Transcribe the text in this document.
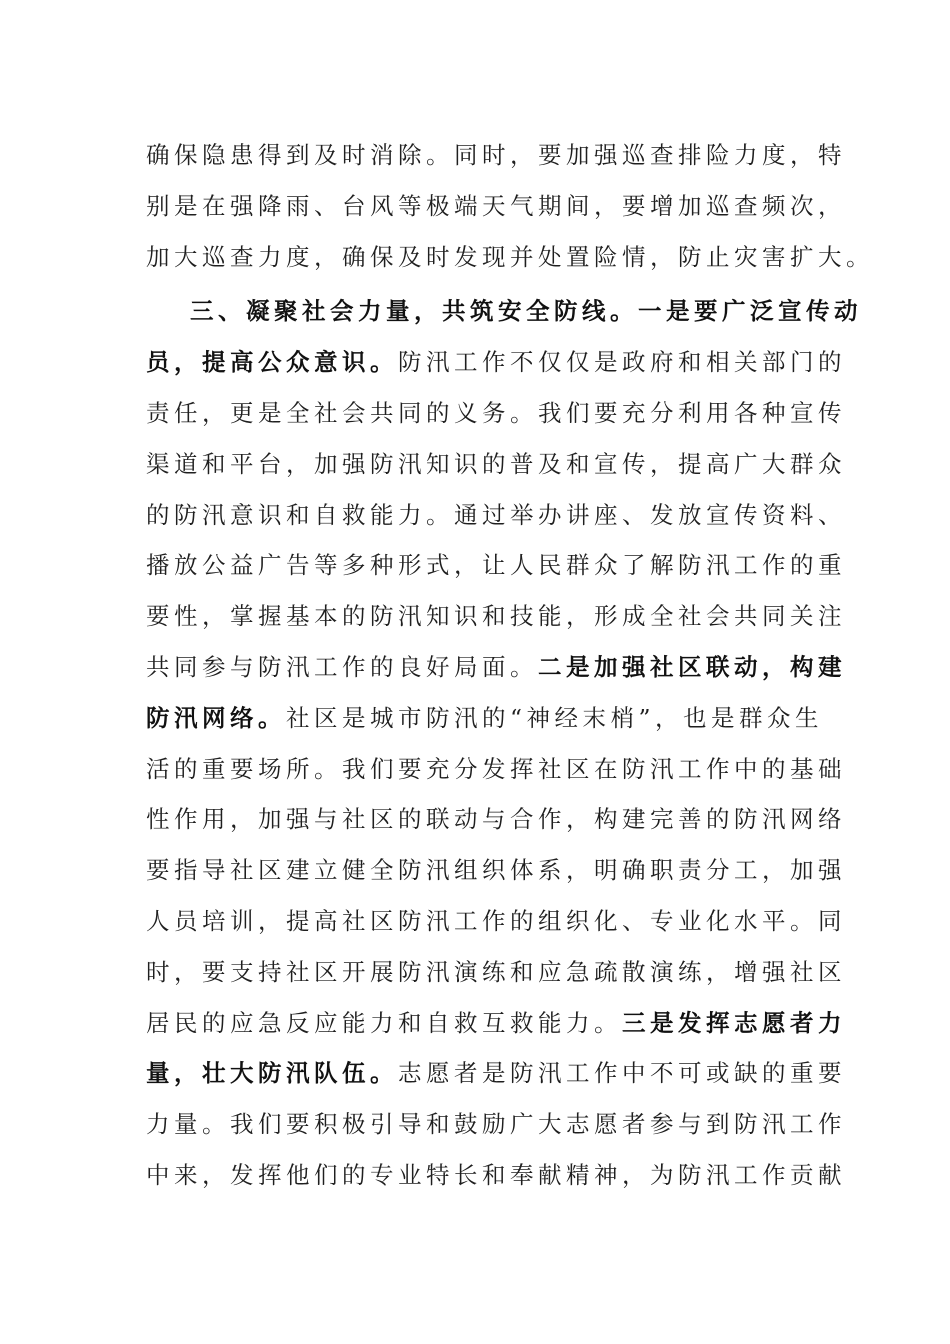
确保隐患得到及时消除。同时，要加强巡查排险力度，特
别是在强降雨、台风等极端天气期间，要增加巡查频次，
加大巡查力度，确保及时发现并处置险情，防止灾害扩大。
三、凝聚社会力量，共筑安全防线。一是要广泛宣传动
员，提高公众意识。防汛工作不仅仅是政府和相关部门的
责任，更是全社会共同的义务。我们要充分利用各种宣传
渠道和平台，加强防汛知识的普及和宣传，提高广大群众
的防汛意识和自救能力。通过举办讲座、发放宣传资料、
播放公益广告等多种形式，让人民群众了解防汛工作的重
要性，掌握基本的防汛知识和技能，形成全社会共同关注
共同参与防汛工作的良好局面。二是加强社区联动，构建
防汛网络。社区是城市防汛的“神经末梢”，也是群众生
活的重要场所。我们要充分发挥社区在防汛工作中的基础
性作用，加强与社区的联动与合作，构建完善的防汛网络
要指导社区建立健全防汛组织体系，明确职责分工，加强
人员培训，提高社区防汛工作的组织化、专业化水平。同
时，要支持社区开展防汛演练和应急疏散演练，增强社区
居民的应急反应能力和自救互救能力。三是发挥志愿者力
量，壮大防汛队伍。志愿者是防汛工作中不可或缺的重要
力量。我们要积极引导和鼓励广大志愿者参与到防汛工作
中来，发挥他们的专业特长和奉献精神，为防汛工作贡献
